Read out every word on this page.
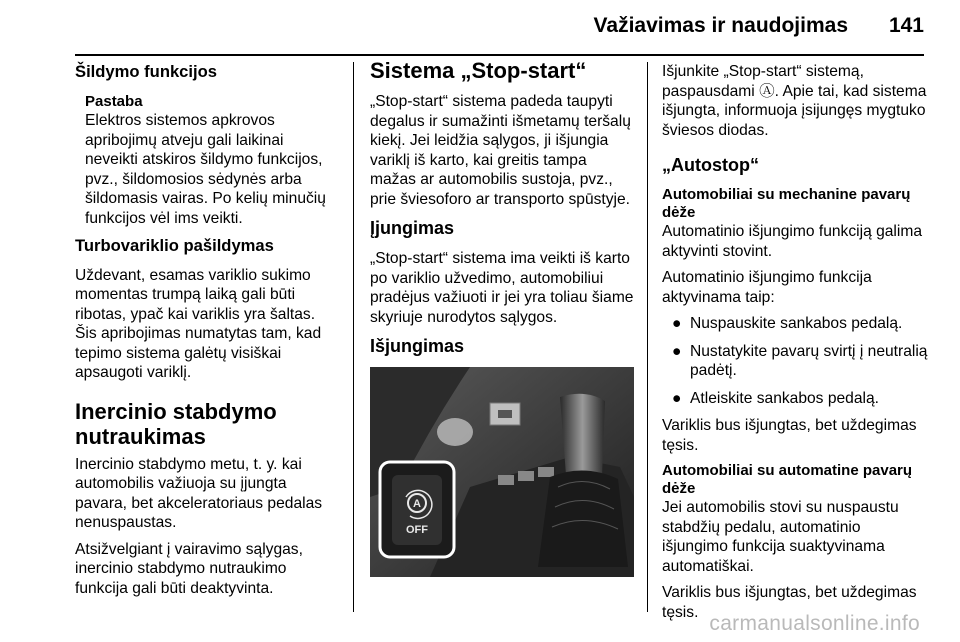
Važiavimas ir naudojimas 141
Šildymo funkcijos
Pastaba
Elektros sistemos apkrovos apribojimų atveju gali laikinai neveikti atskiros šildymo funkcijos, pvz., šildomosios sėdynės arba šildomasis vairas. Po kelių minučių funkcijos vėl ims veikti.
Turbovariklio pašildymas

Uždevant, esamas variklio sukimo momentas trumpą laiką gali būti ribotas, ypač kai variklis yra šaltas. Šis apribojimas numatytas tam, kad tepimo sistema galėtų visiškai apsaugoti variklį.

Inercinio stabdymo nutraukimas

Inercinio stabdymo metu, t. y. kai automobilis važiuoja su įjungta pavara, bet akceleratoriaus pedalas nenuspaustas.

Atsižvelgiant į vairavimo sąlygas, inercinio stabdymo nutraukimo funkcija gali būti deaktyvinta.

Sistema „Stop-start“

„Stop-start“ sistema padeda taupyti degalus ir sumažinti išmetamų teršalų kiekį. Jei leidžia sąlygos, ji išjungia variklį iš karto, kai greitis tampa mažas ar automobilis sustoja, pvz., prie šviesoforo ar transporto spūstyje.

Įjungimas

„Stop-start“ sistema ima veikti iš karto po variklio užvedimo, automobiliui pradėjus važiuoti ir jei yra toliau šiame skyriuje nurodytos sąlygos.

Išjungimas
A
OFF

Išjunkite „Stop-start“ sistemą, paspausdami Ⓐ. Apie tai, kad sistema išjungta, informuoja įsijungęs mygtuko šviesos diodas.

„Autostop“
Automobiliai su mechanine pavarų dėže

Automatinio išjungimo funkciją galima aktyvinti stovint.

Automatinio išjungimo funkcija aktyvinama taip:

● Nuspauskite sankabos pedalą.
● Nustatykite pavarų svirtį į neutralią padėtį.
● Atleiskite sankabos pedalą.

Variklis bus išjungtas, bet uždegimas tęsis.

Automobiliai su automatine pavarų dėže

Jei automobilis stovi su nuspaustu stabdžių pedalu, automatinio išjungimo funkcija suaktyvinama automatiškai.

Variklis bus išjungtas, bet uždegimas tęsis. carmanualsonline.info
